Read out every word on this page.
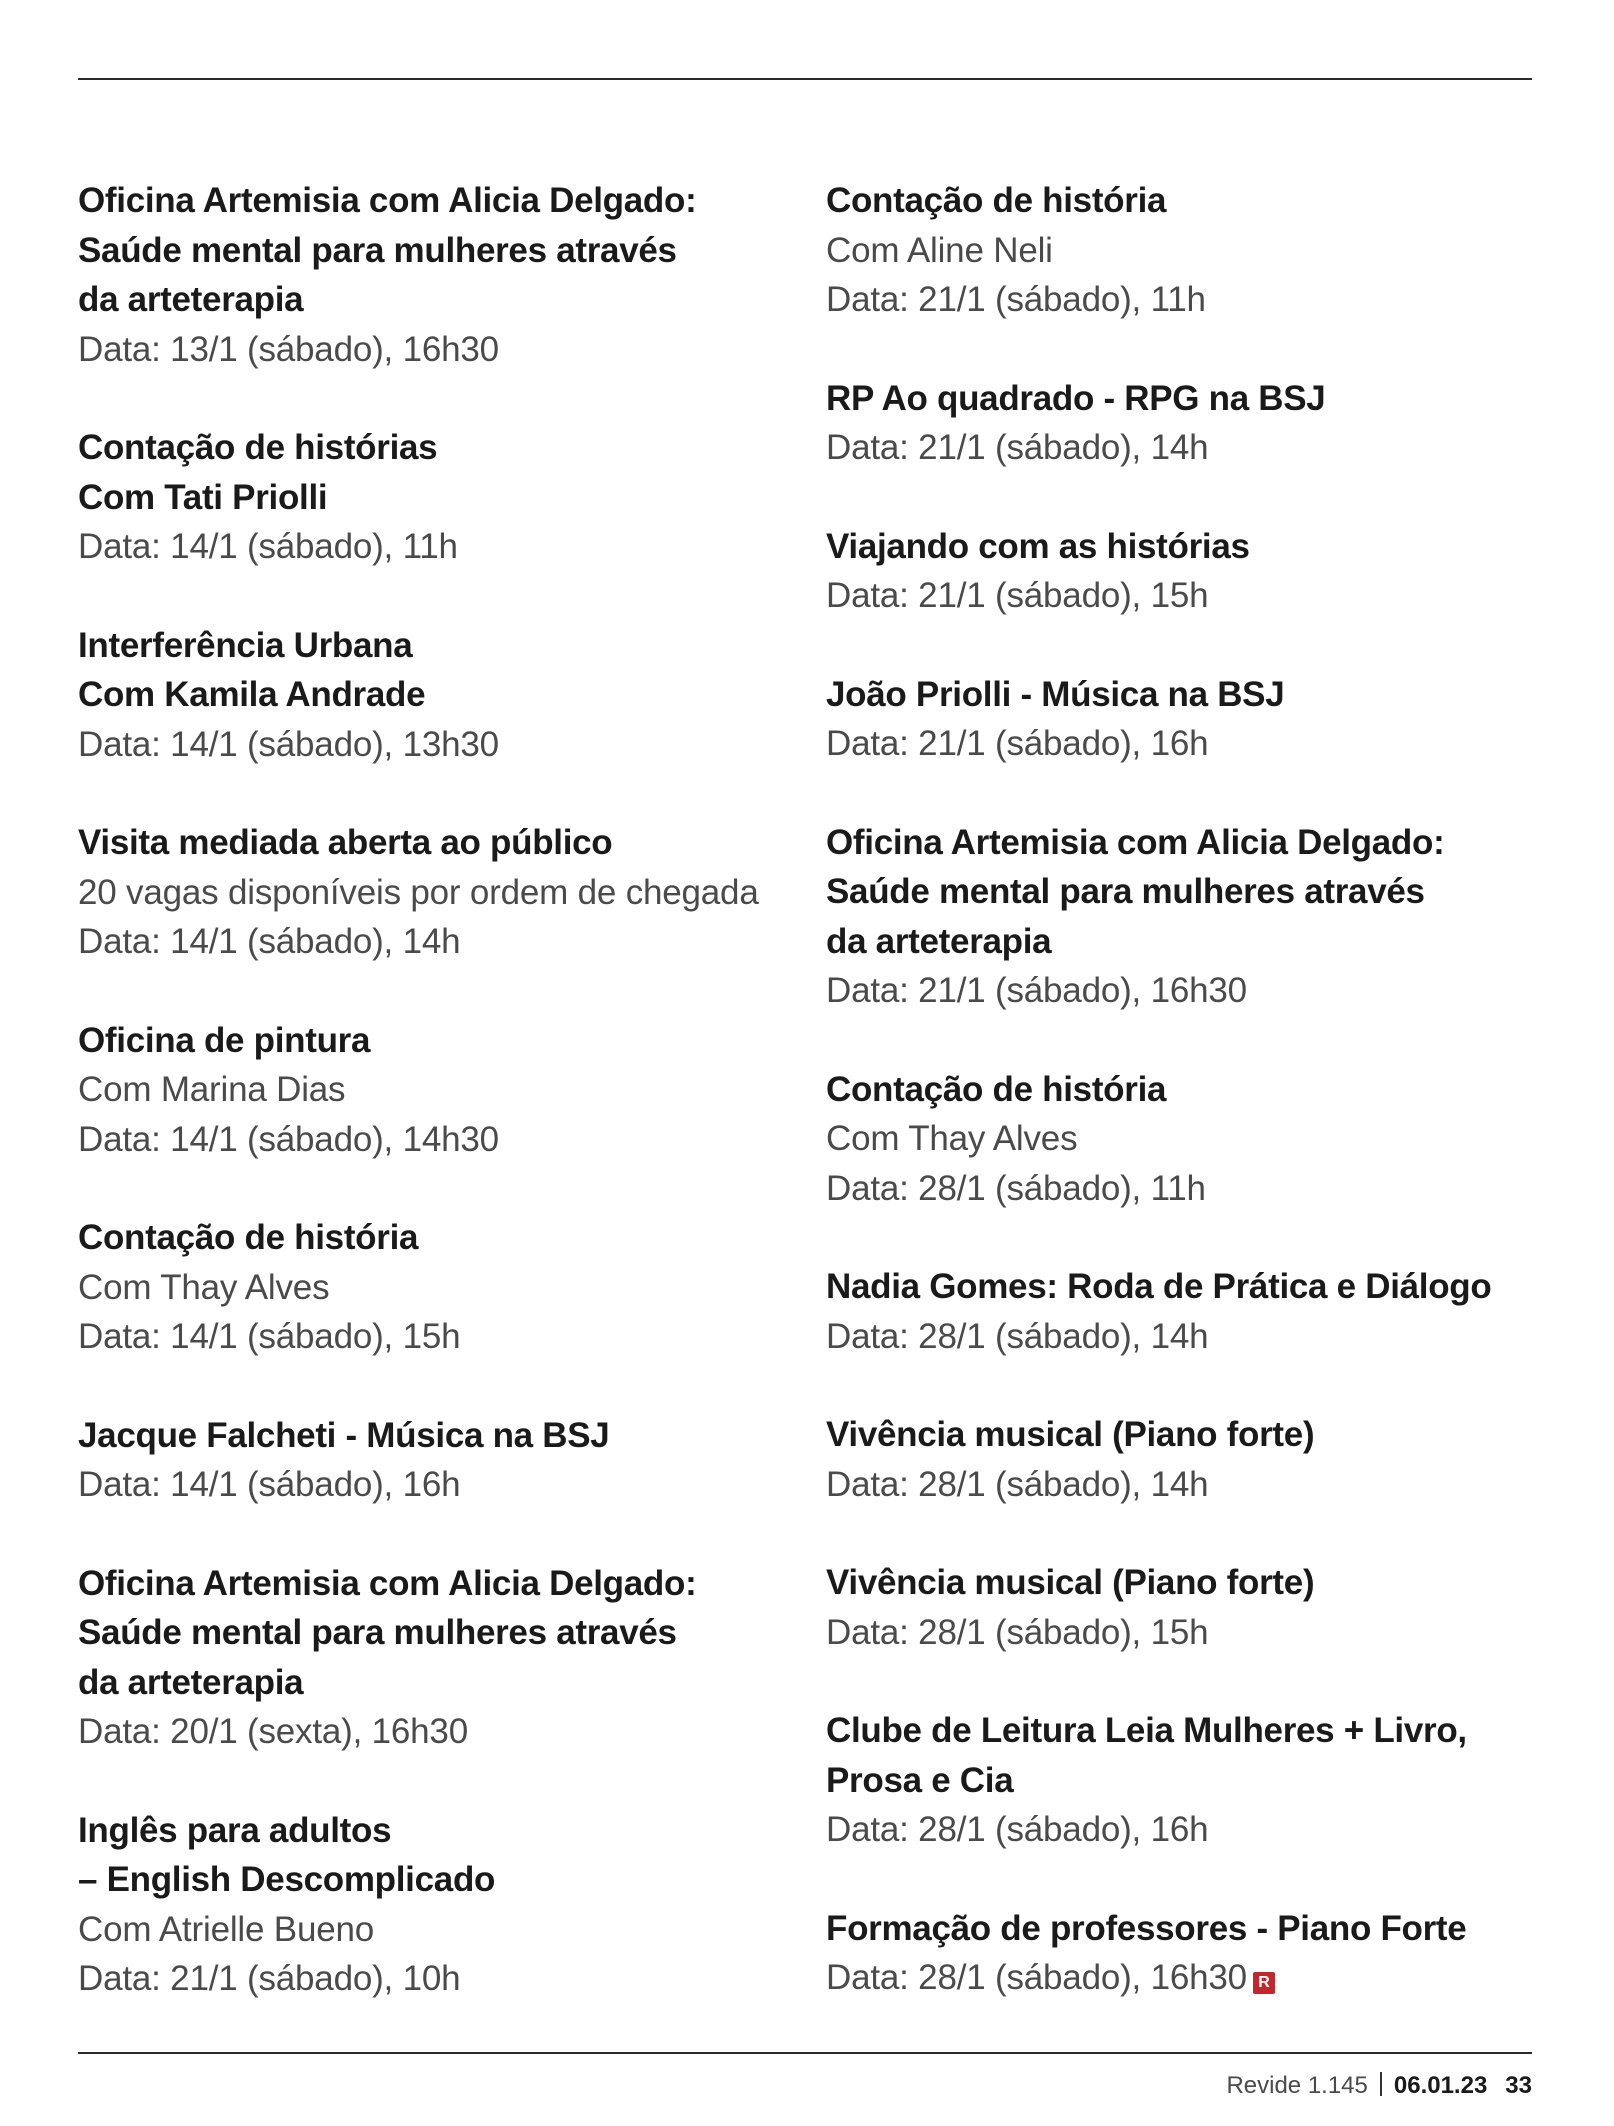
Oficina Artemisia com Alicia Delgado:
Saúde mental para mulheres através
da arteterapia
Data: 13/1 (sábado), 16h30
Contação de histórias
Com Tati Priolli
Data: 14/1 (sábado), 11h
Interferência Urbana
Com Kamila Andrade
Data: 14/1 (sábado), 13h30
Visita mediada aberta ao público
20 vagas disponíveis por ordem de chegada
Data: 14/1 (sábado), 14h
Oficina de pintura
Com Marina Dias
Data: 14/1 (sábado), 14h30
Contação de história
Com Thay Alves
Data: 14/1 (sábado), 15h
Jacque Falcheti - Música na BSJ
Data: 14/1 (sábado), 16h
Oficina Artemisia com Alicia Delgado:
Saúde mental para mulheres através
da arteterapia
Data: 20/1 (sexta), 16h30
Inglês para adultos
– English Descomplicado
Com Atrielle Bueno
Data: 21/1 (sábado), 10h
Contação de história
Com Aline Neli
Data: 21/1 (sábado), 11h
RP Ao quadrado - RPG na BSJ
Data: 21/1 (sábado), 14h
Viajando com as histórias
Data: 21/1 (sábado), 15h
João Priolli - Música na BSJ
Data: 21/1 (sábado), 16h
Oficina Artemisia com Alicia Delgado:
Saúde mental para mulheres através
da arteterapia
Data: 21/1 (sábado), 16h30
Contação de história
Com Thay Alves
Data: 28/1 (sábado), 11h
Nadia Gomes: Roda de Prática e Diálogo
Data: 28/1 (sábado), 14h
Vivência musical (Piano forte)
Data: 28/1 (sábado), 14h
Vivência musical (Piano forte)
Data: 28/1 (sábado), 15h
Clube de Leitura Leia Mulheres + Livro,
Prosa e Cia
Data: 28/1 (sábado), 16h
Formação de professores - Piano Forte
Data: 28/1 (sábado), 16h30 R
Revide 1.145 06.01.23 33
